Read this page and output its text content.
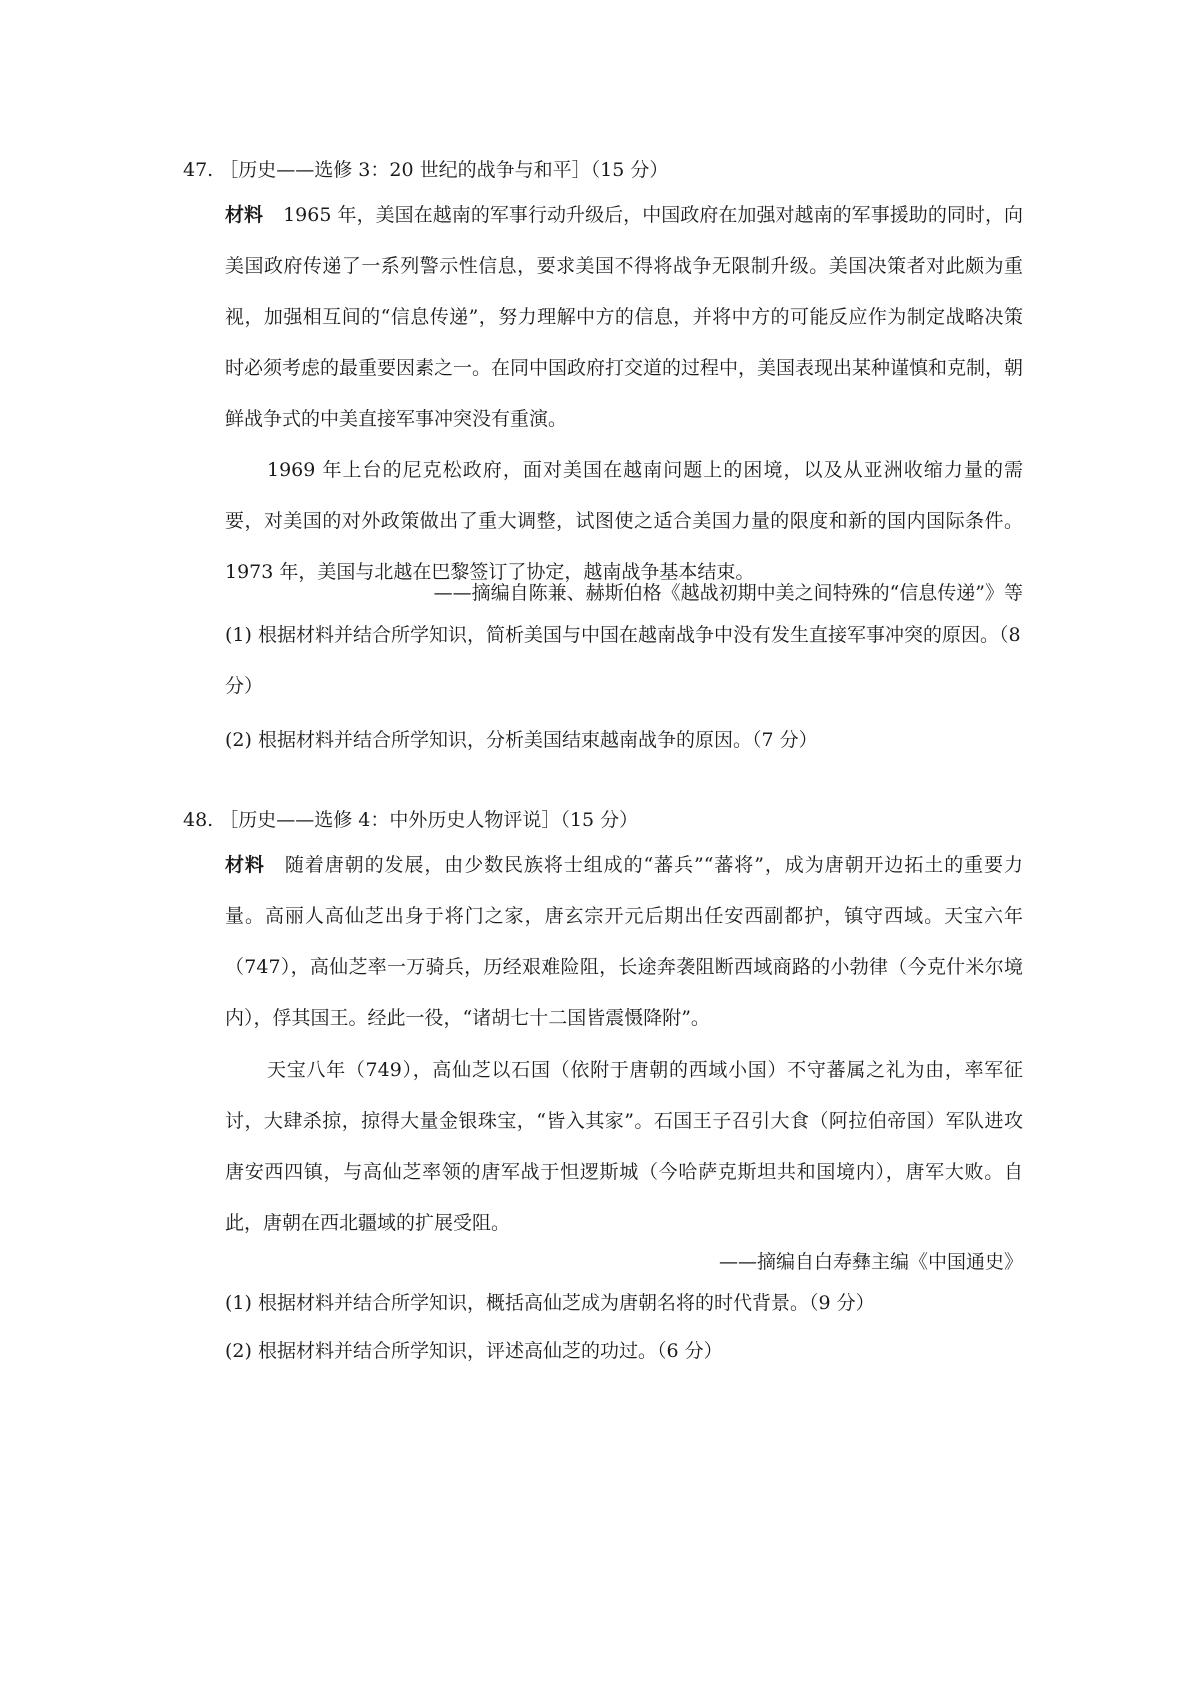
47. ［历史——选修 3：20 世纪的战争与和平］（15 分）
材料 1965 年，美国在越南的军事行动升级后，中国政府在加强对越南的军事援助的同时，向美国政府传递了一系列警示性信息，要求美国不得将战争无限制升级。美国决策者对此颇为重视，加强相互间的“信息传递”，努力理解中方的信息，并将中方的可能反应作为制定战略决策时必须考虑的最重要因素之一。在同中国政府打交道的过程中，美国表现出某种谨慎和克制，朝鲜战争式的中美直接军事冲突没有重演。
1969 年上台的尼克松政府，面对美国在越南问题上的困境，以及从亚洲收缩力量的需要，对美国的对外政策做出了重大调整，试图使之适合美国力量的限度和新的国内国际条件。1973 年，美国与北越在巴黎签订了协定，越南战争基本结束。
——摘编自陈兼、赫斯伯格《越战初期中美之间特殊的“信息传递”》等
(1) 根据材料并结合所学知识，简析美国与中国在越南战争中没有发生直接军事冲突的原因。（8 分）
(2) 根据材料并结合所学知识，分析美国结束越南战争的原因。（7 分）
48. ［历史——选修 4：中外历史人物评说］（15 分）
材料 随着唐朝的发展，由少数民族将士组成的“蕃兵”“蕃将”，成为唐朝开边拓土的重要力量。高丽人高仙芝出身于将门之家，唐玄宗开元后期出任安西副都护，镇守西域。天宝六年（747），高仙芝率一万骑兵，历经艰难险阻，长途奔袭阻断西域商路的小勃律（今克什米尔境内），俘其国王。经此一役，“诸胡七十二国皆震慑降附”。
天宝八年（749），高仙芝以石国（依附于唐朝的西域小国）不守蕃属之礼为由，率军征讨，大肆杀掠，掠得大量金银珠宝，“皆入其家”。石国王子召引大食（阿拉伯帝国）军队进攻唐安西四镇，与高仙芝率领的唐军战于怛逻斯城（今哈萨克斯坦共和国境内），唐军大败。自此，唐朝在西北疆域的扩展受阻。
——摘编自白寿彝主编《中国通史》
(1) 根据材料并结合所学知识，概括高仙芝成为唐朝名将的时代背景。（9 分）
(2) 根据材料并结合所学知识，评述高仙芝的功过。（6 分）
